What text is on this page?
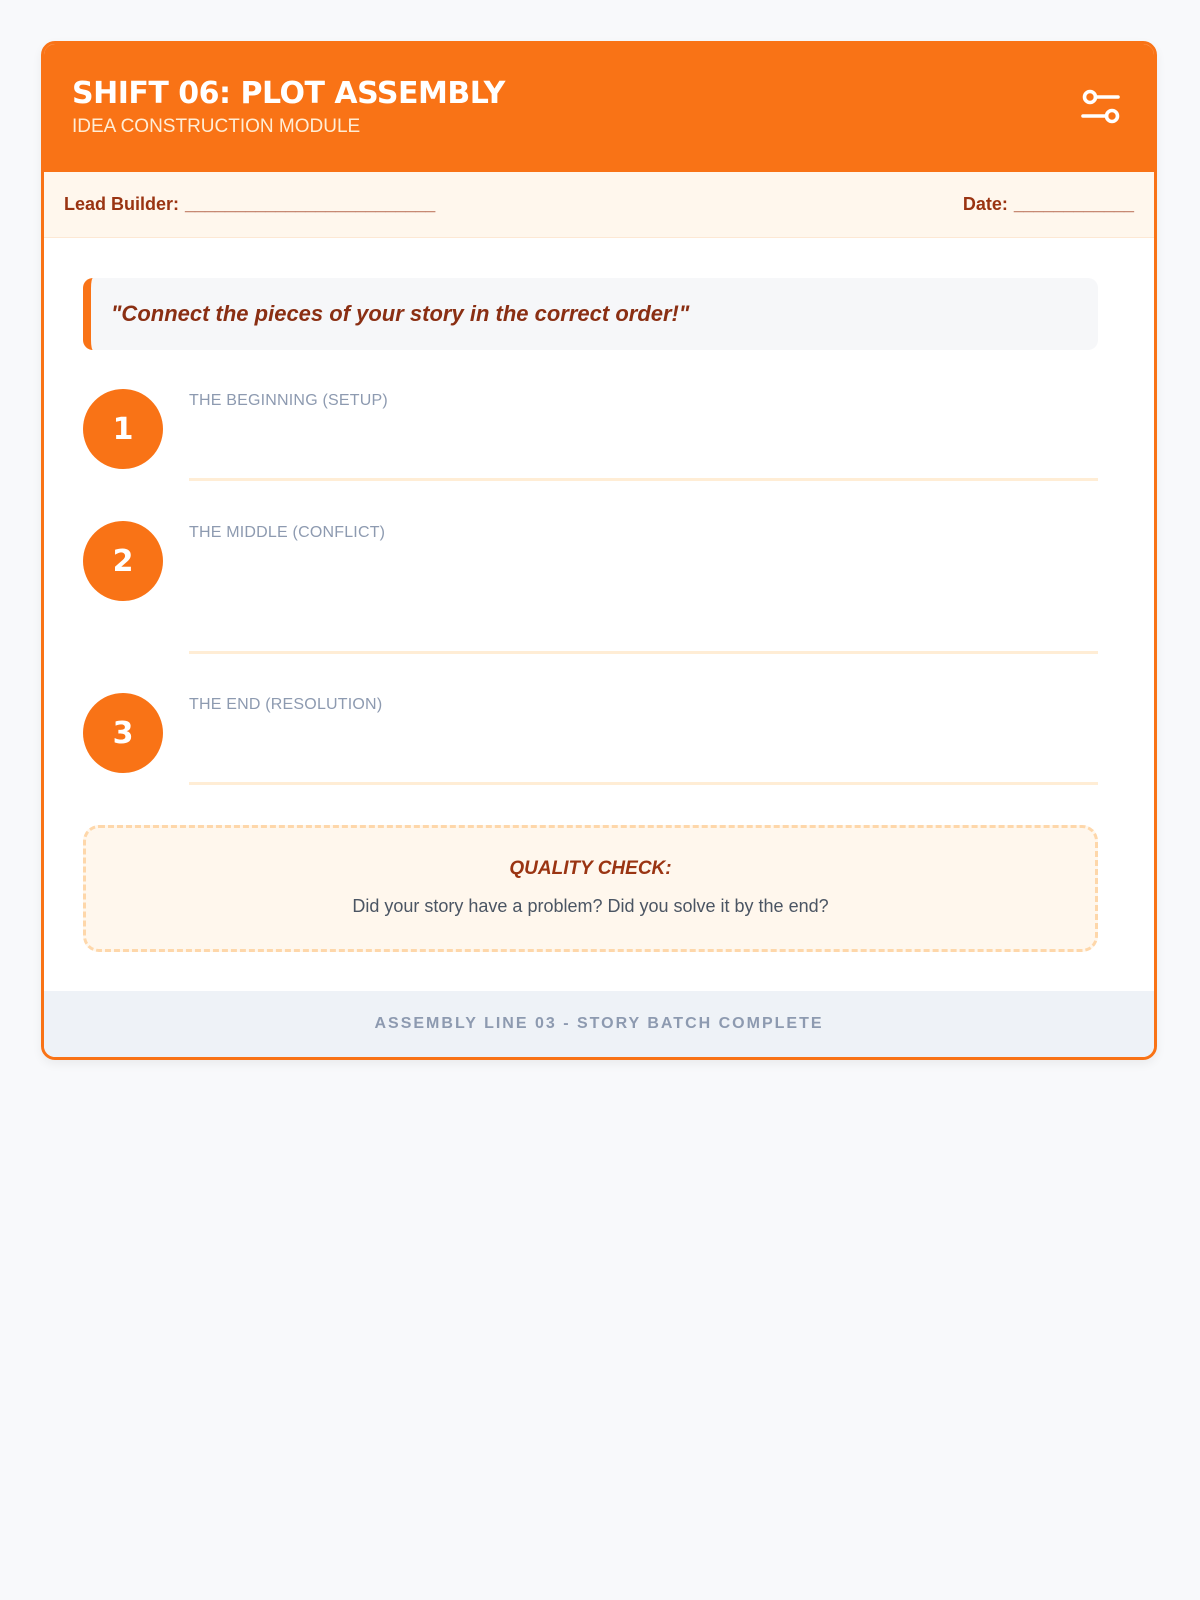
SHIFT 06: PLOT ASSEMBLY
IDEA CONSTRUCTION MODULE
Lead Builder: _________________________	Date: ____________
"Connect the pieces of your story in the correct order!"
1
THE BEGINNING (SETUP)
2
THE MIDDLE (CONFLICT)
3
THE END (RESOLUTION)
QUALITY CHECK:
Did your story have a problem? Did you solve it by the end?
ASSEMBLY LINE 03 - STORY BATCH COMPLETE
